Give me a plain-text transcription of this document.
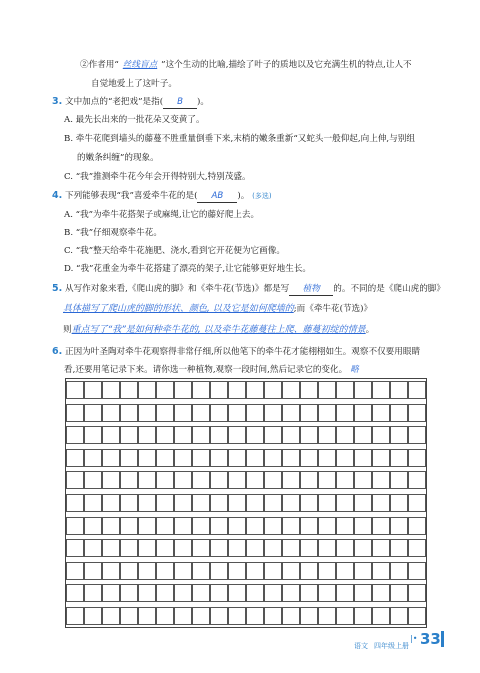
②作者用“ 丝线盲点 ”这个生动的比喻,描绘了叶子的质地以及它充满生机的特点,让人不
自觉地爱上了这叶子。
3. 文中加点的“老把戏”是指( B )。
A. 最先长出来的一批花朵又变黄了。
B. 牵牛花爬到墙头的藤蔓不胜重量倒垂下来,末梢的嫩条重新“又蛇头一般仰起,向上伸,与别组
的嫩条纠缠”的现象。
C. “我”推测牵牛花今年会开得特别大,特别茂盛。
4. 下列能够表现“我”喜爱牵牛花的是( AB )。 (多选)
A. “我”为牵牛花搭架子或麻绳,让它的藤好爬上去。
B. “我”仔细观察牵牛花。
C. “我”整天给牵牛花施肥、浇水,看到它开花便为它画像。
D. “我”花重金为牵牛花搭建了漂亮的架子,让它能够更好地生长。
5. 从写作对象来看,《爬山虎的脚》和《牵牛花(节选)》都是写 植物 的。不同的是《爬山虎的脚》
具体描写了爬山虎的脚的形状、颜色, 以及它是如何爬墙的;而《牵牛花(节选)》
则重点写了“我”是如何种牵牛花的, 以及牵牛花藤蔓往上爬、藤蔓初绽的情景。
6. 正因为叶圣陶对牵牛花观察得非常仔细,所以他笔下的牵牛花才能栩栩如生。观察不仅要用眼睛
看,还要用笔记录下来。请你选一种植物,观察一段时间,然后记录它的变化。 略
语文 四年级上册
|• 33
